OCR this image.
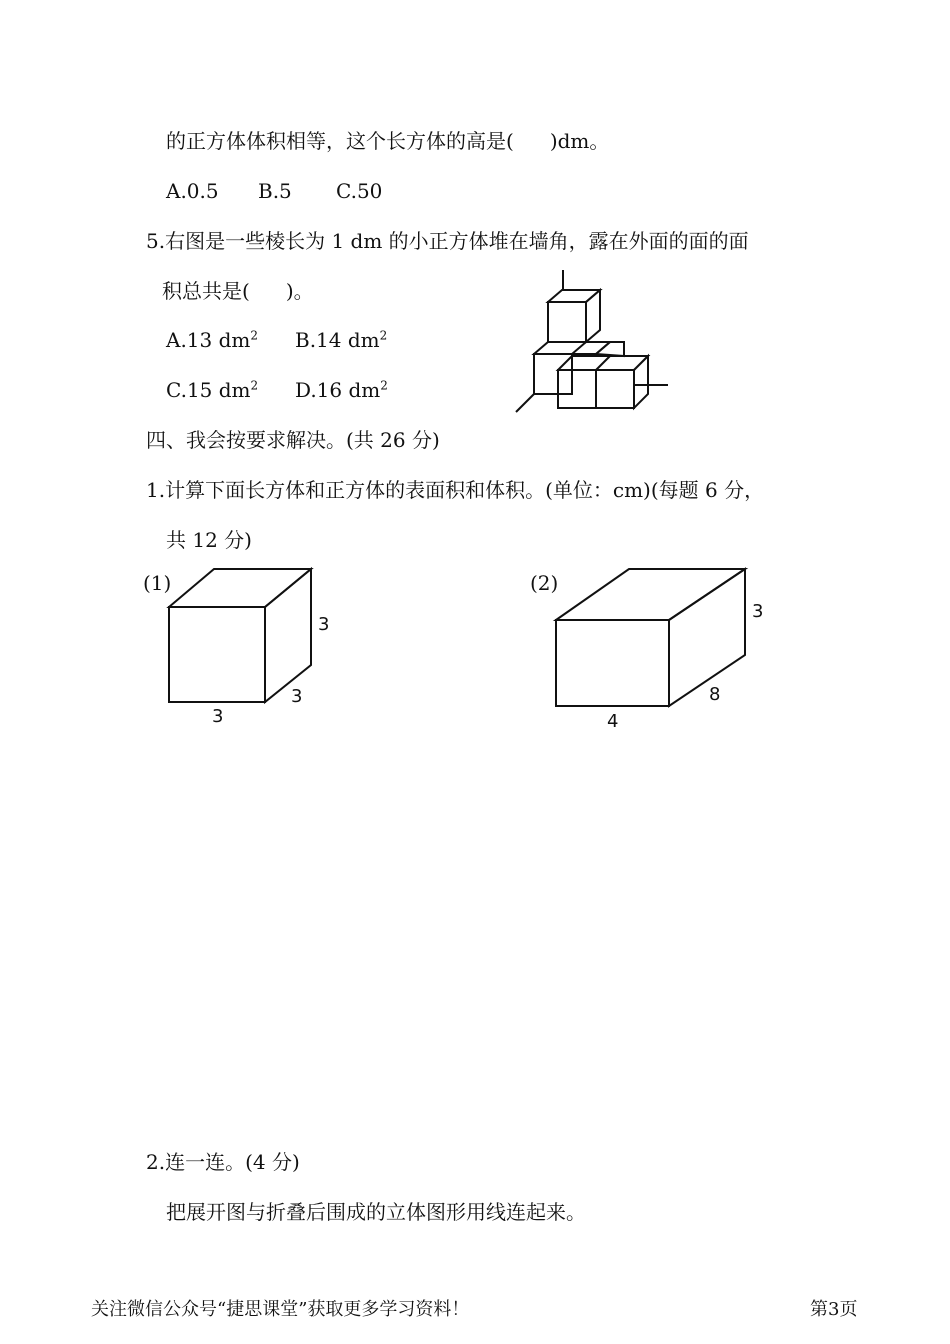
的正方体体积相等，这个长方体的高是( )dm。
A.0.5 B.5 C.50
5.右图是一些棱长为 1 dm 的小正方体堆在墙角，露在外面的面的面
积总共是( )。
A.13 $dm^2$ B.14 $dm^2$
C.15 $dm^2$ D.16 $dm^2$
四、我会按要求解决。(共 26 分)
1.计算下面长方体和正方体的表面积和体积。(单位：cm)(每题 6 分，
共 12 分)
(1)
3
3
3
(2)
3
8
4
2.连一连。(4 分)
把展开图与折叠后围成的立体图形用线连起来。
关注微信公众号“捷思课堂”获取更多学习资料！	第3页
